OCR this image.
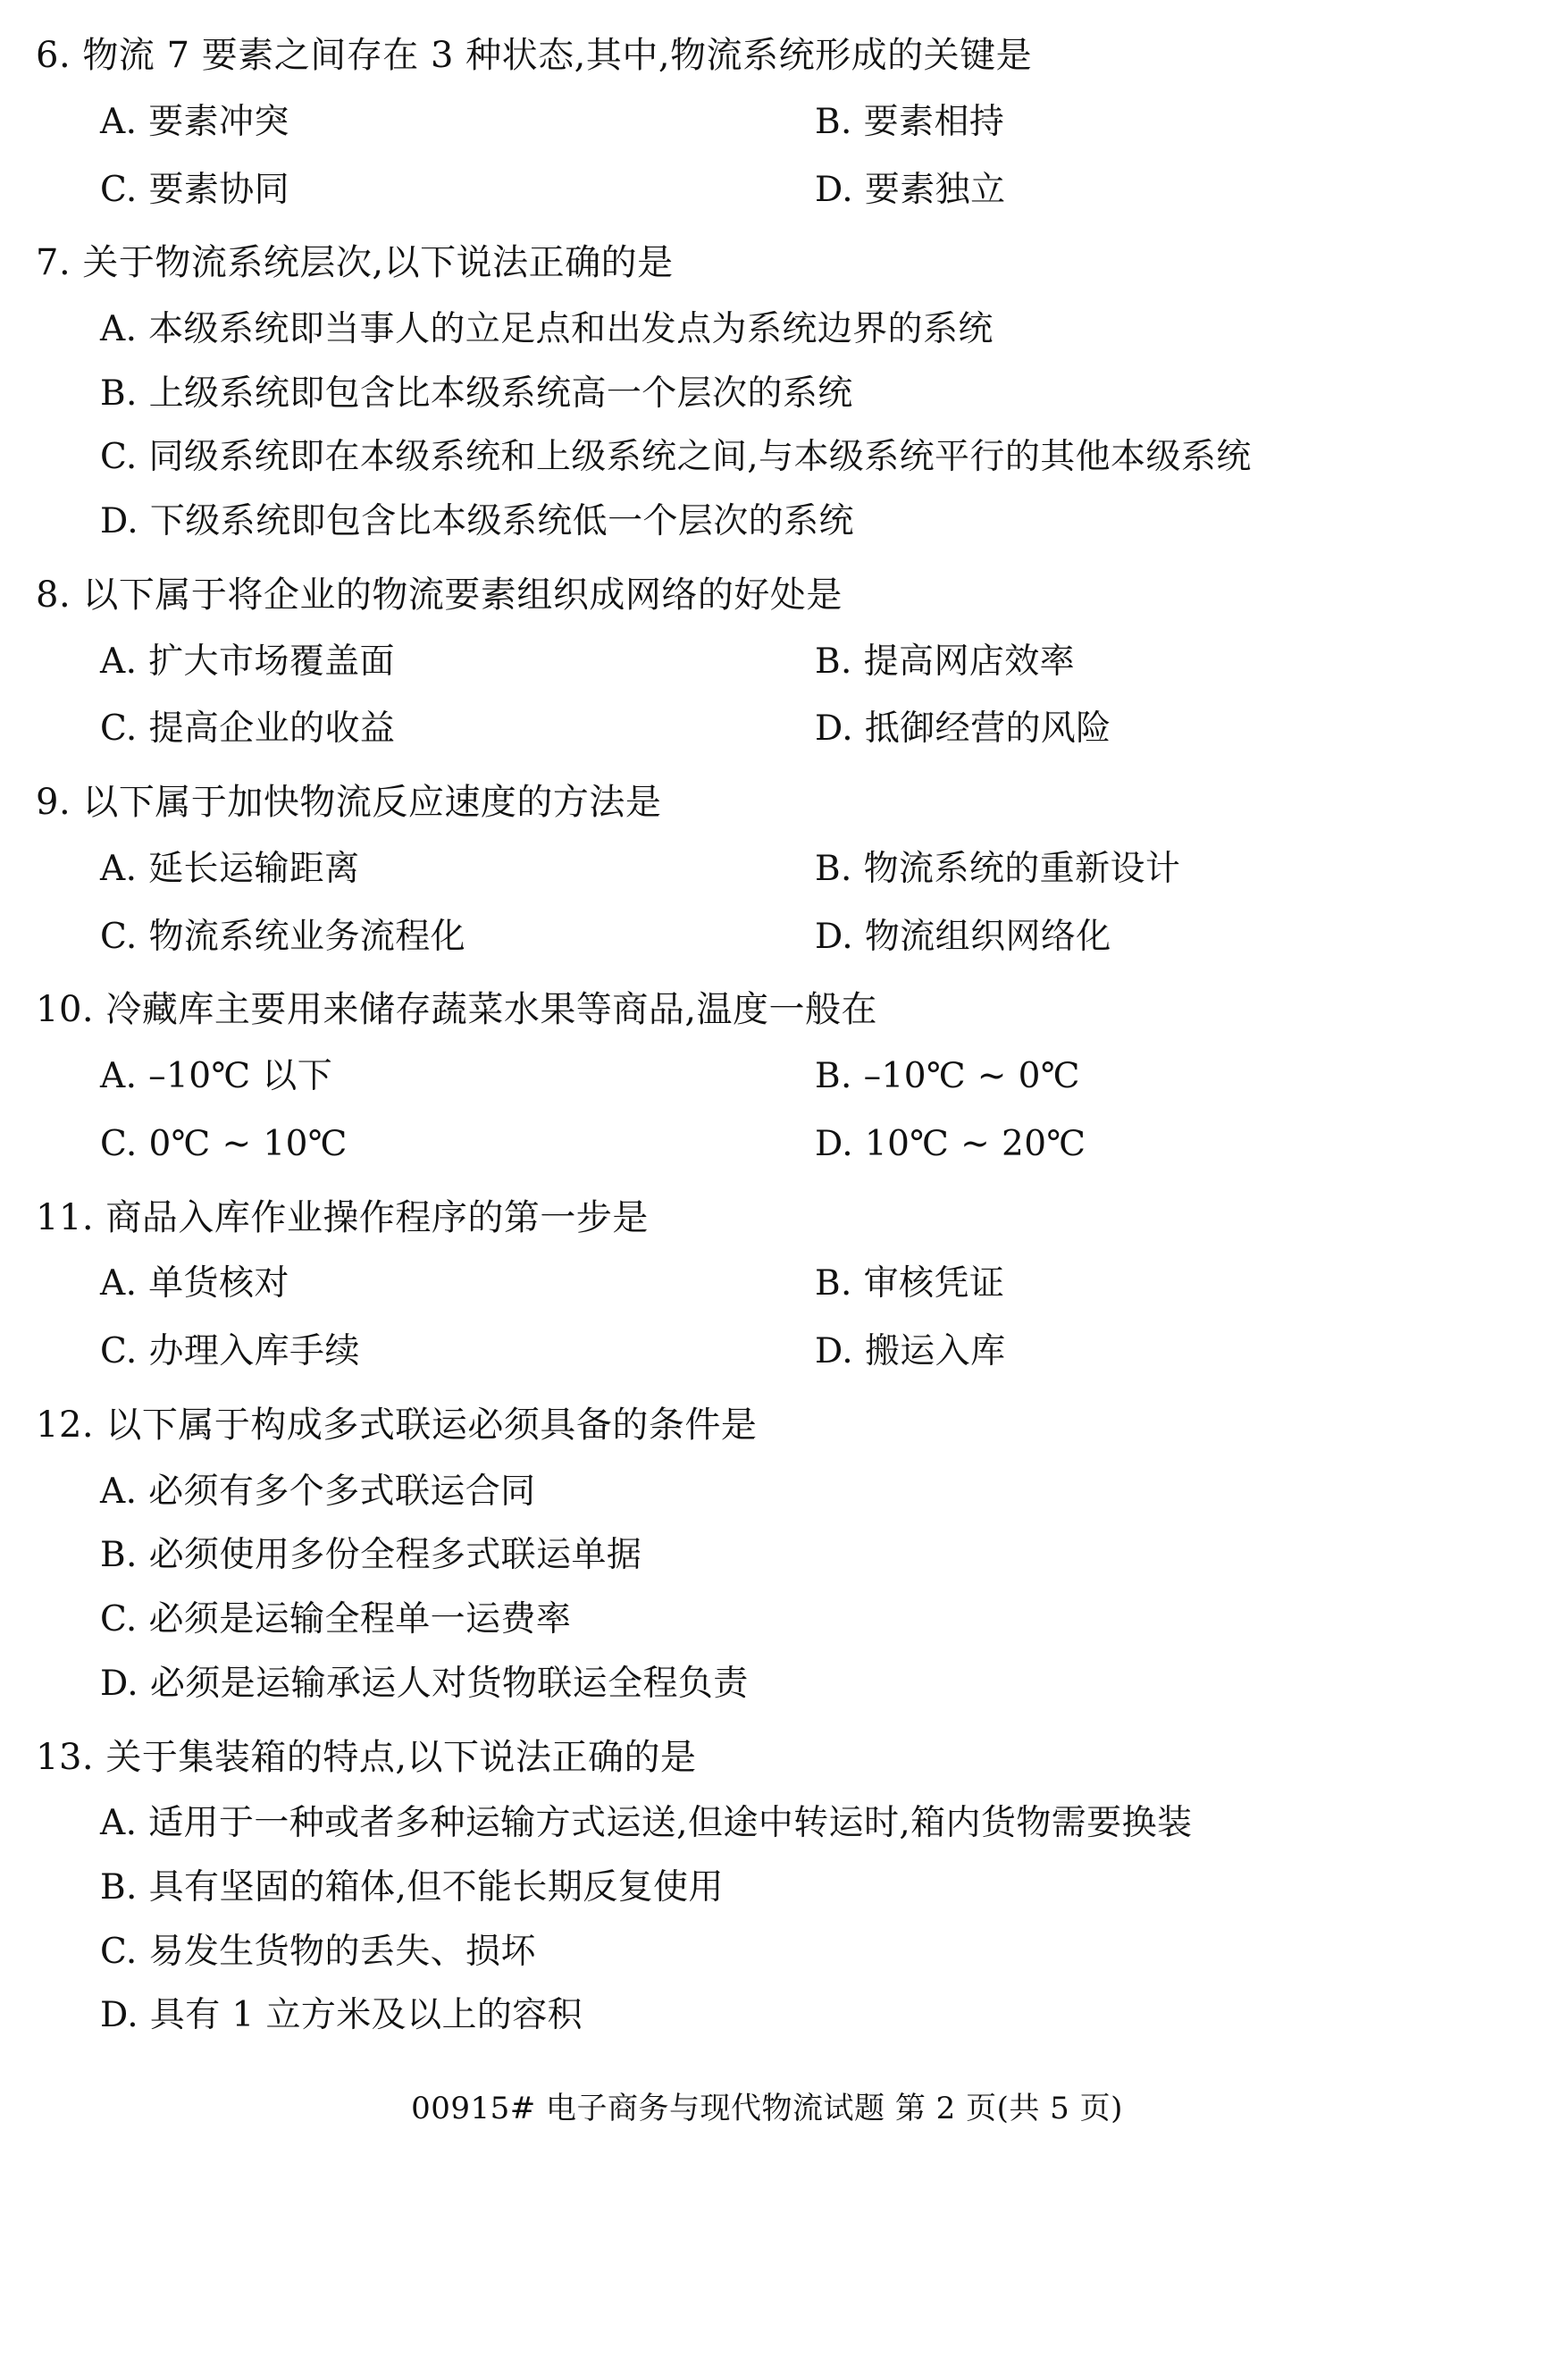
6. 物流 7 要素之间存在 3 种状态,其中,物流系统形成的关键是
A. 要素冲突	B. 要素相持
C. 要素协同	D. 要素独立
7. 关于物流系统层次,以下说法正确的是
A. 本级系统即当事人的立足点和出发点为系统边界的系统
B. 上级系统即包含比本级系统高一个层次的系统
C. 同级系统即在本级系统和上级系统之间,与本级系统平行的其他本级系统
D. 下级系统即包含比本级系统低一个层次的系统
8. 以下属于将企业的物流要素组织成网络的好处是
A. 扩大市场覆盖面	B. 提高网店效率
C. 提高企业的收益	D. 抵御经营的风险
9. 以下属于加快物流反应速度的方法是
A. 延长运输距离	B. 物流系统的重新设计
C. 物流系统业务流程化	D. 物流组织网络化
10. 冷藏库主要用来储存蔬菜水果等商品,温度一般在
A. –10℃ 以下	B. –10℃ ~ 0℃
C. 0℃ ~ 10℃	D. 10℃ ~ 20℃
11. 商品入库作业操作程序的第一步是
A. 单货核对	B. 审核凭证
C. 办理入库手续	D. 搬运入库
12. 以下属于构成多式联运必须具备的条件是
A. 必须有多个多式联运合同
B. 必须使用多份全程多式联运单据
C. 必须是运输全程单一运费率
D. 必须是运输承运人对货物联运全程负责
13. 关于集装箱的特点,以下说法正确的是
A. 适用于一种或者多种运输方式运送,但途中转运时,箱内货物需要换装
B. 具有坚固的箱体,但不能长期反复使用
C. 易发生货物的丢失、损坏
D. 具有 1 立方米及以上的容积
00915# 电子商务与现代物流试题 第 2 页(共 5 页)
